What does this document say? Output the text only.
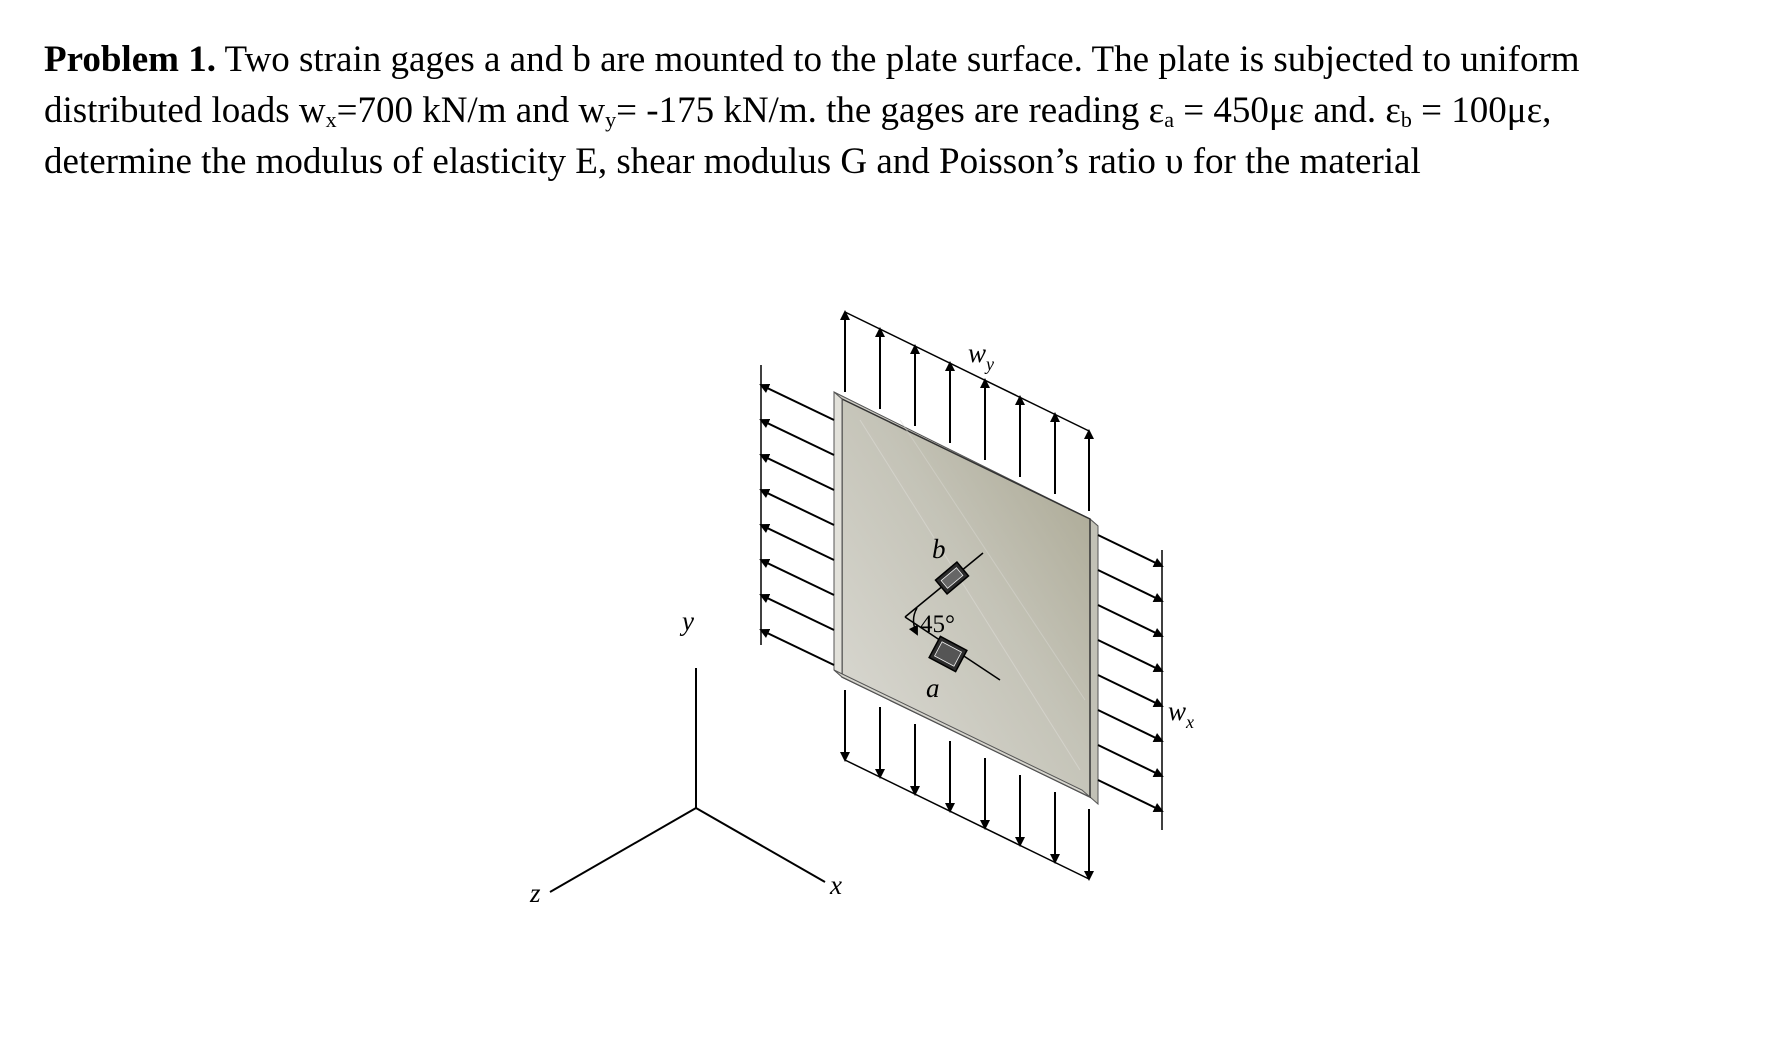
Problem 1. Two strain gages a and b are mounted to the plate surface. The plate is subjected to uniform
distributed loads $w_x=700$ kN/m and $w_y= -175$ kN/m. the gages are reading $\varepsilon_a = 450\mu\varepsilon$ and. $\varepsilon_b = 100\mu\varepsilon$,
determine the modulus of elasticity E, shear modulus G and Poisson’s ratio υ for the material
y
x
z
$w_y$
$w_x$
b
a
45°
